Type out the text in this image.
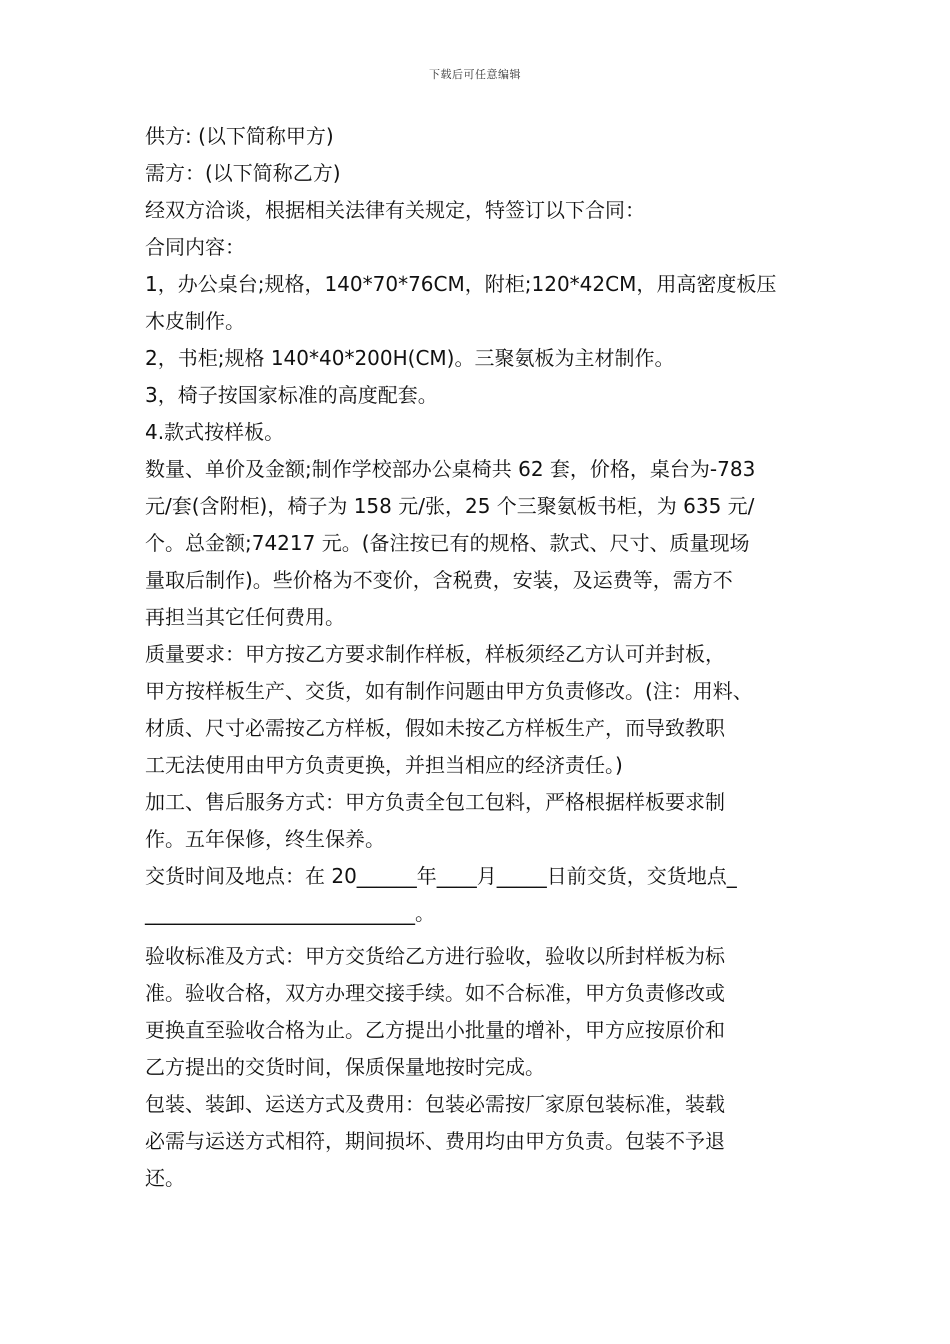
下载后可任意编辑
供方: (以下简称甲方)
需方：(以下简称乙方)
经双方洽谈，根据相关法律有关规定，特签订以下合同：
合同内容：
1，办公桌台;规格，140*70*76CM，附柜;120*42CM，用高密度板压
木皮制作。
2，书柜;规格 140*40*200H(CM)。三聚氨板为主材制作。
3，椅子按国家标准的高度配套。
4.款式按样板。
数量、单价及金额;制作学校部办公桌椅共 62 套，价格，桌台为-783
元/套(含附柜)，椅子为 158 元/张，25 个三聚氨板书柜，为 635 元/
个。总金额;74217 元。(备注按已有的规格、款式、尺寸、质量现场
量取后制作)。些价格为不变价，含税费，安装，及运费等，需方不
再担当其它任何费用。
质量要求：甲方按乙方要求制作样板，样板须经乙方认可并封板，
甲方按样板生产、交货，如有制作问题由甲方负责修改。(注：用料、
材质、尺寸必需按乙方样板，假如未按乙方样板生产，而导致教职
工无法使用由甲方负责更换，并担当相应的经济责任。)
加工、售后服务方式：甲方负责全包工包料，严格根据样板要求制
作。五年保修，终生保养。
交货时间及地点：在 20______年____月_____日前交货，交货地点_
___________________________。
验收标准及方式：甲方交货给乙方进行验收，验收以所封样板为标
准。验收合格，双方办理交接手续。如不合标准，甲方负责修改或
更换直至验收合格为止。乙方提出小批量的增补，甲方应按原价和
乙方提出的交货时间，保质保量地按时完成。
包装、装卸、运送方式及费用：包装必需按厂家原包装标准，装载
必需与运送方式相符，期间损坏、费用均由甲方负责。包装不予退
还。
